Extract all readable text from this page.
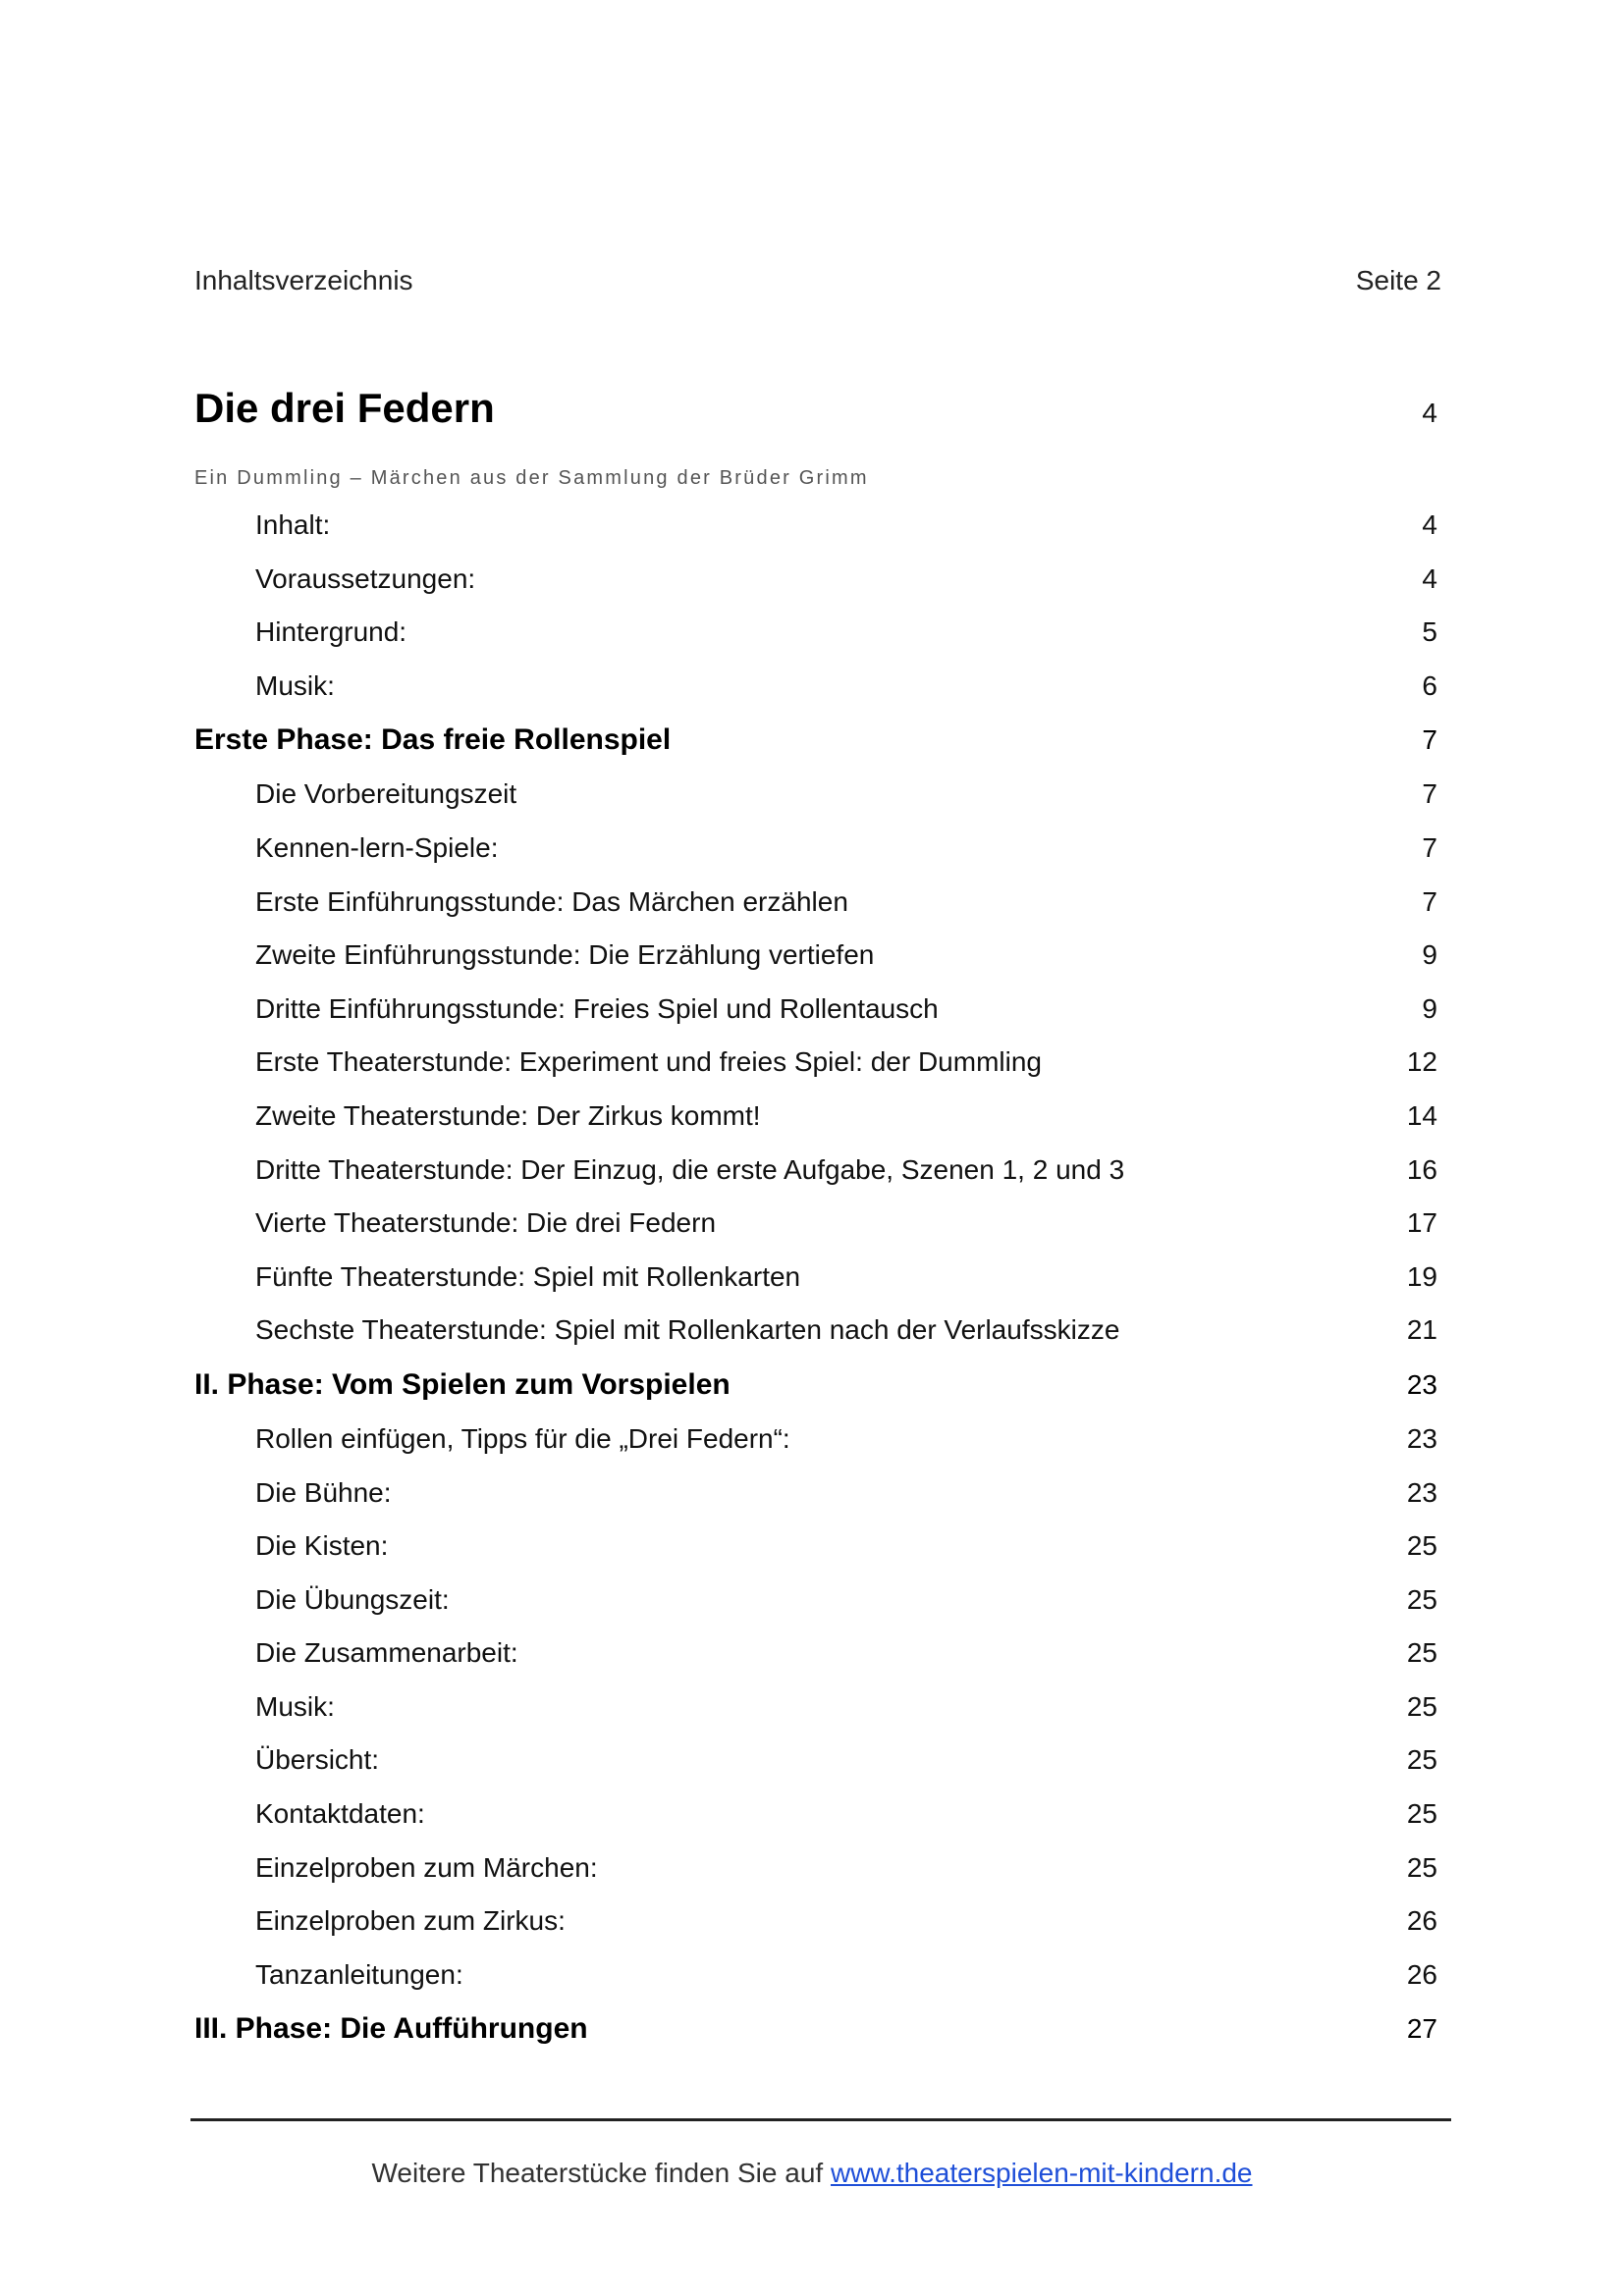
Inhaltsverzeichnis	Seite 2
Die drei Federn	4
Ein Dummling – Märchen aus der Sammlung der Brüder Grimm
Inhalt:	4
Voraussetzungen:	4
Hintergrund:	5
Musik:	6
Erste Phase: Das freie Rollenspiel	7
Die Vorbereitungszeit	7
Kennen-lern-Spiele:	7
Erste Einführungsstunde: Das Märchen erzählen	7
Zweite Einführungsstunde: Die Erzählung vertiefen	9
Dritte Einführungsstunde: Freies Spiel und Rollentausch	9
Erste Theaterstunde: Experiment und freies Spiel: der Dummling	12
Zweite Theaterstunde: Der Zirkus kommt!	14
Dritte Theaterstunde: Der Einzug, die erste Aufgabe, Szenen 1, 2 und 3	16
Vierte Theaterstunde: Die drei Federn	17
Fünfte Theaterstunde: Spiel mit Rollenkarten	19
Sechste Theaterstunde: Spiel mit Rollenkarten nach der Verlaufsskizze	21
II. Phase: Vom Spielen zum Vorspielen	23
Rollen einfügen, Tipps für die „Drei Federn“:	23
Die Bühne:	23
Die Kisten:	25
Die Übungszeit:	25
Die Zusammenarbeit:	25
Musik:	25
Übersicht:	25
Kontaktdaten:	25
Einzelproben zum Märchen:	25
Einzelproben zum Zirkus:	26
Tanzanleitungen:	26
III. Phase: Die Aufführungen	27
Weitere Theaterstücke finden Sie auf www.theaterspielen-mit-kindern.de
